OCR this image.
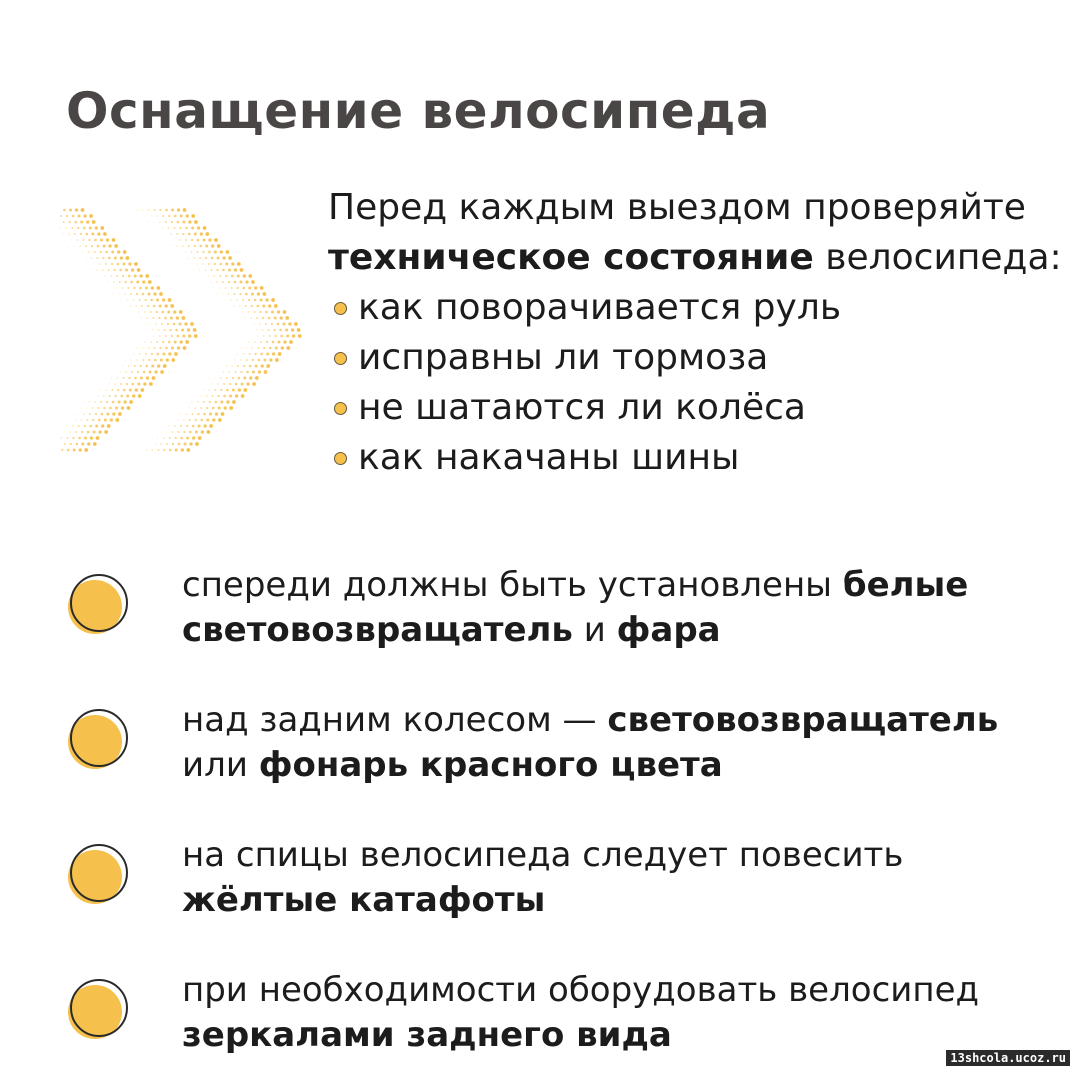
Оснащение велосипеда

Перед каждым выездом проверяйте

техническое состояние велосипеда:

как поворачивается руль
исправны ли тормоза
не шатаются ли колёса
как накачаны шины
спереди должны быть установлены белые
световозвращатель и фара
над задним колесом — световозвращатель
или фонарь красного цвета
на спицы велосипеда следует повесить
жёлтые катафоты
при необходимости оборудовать велосипед
зеркалами заднего вида
13shcola.ucoz.ru
